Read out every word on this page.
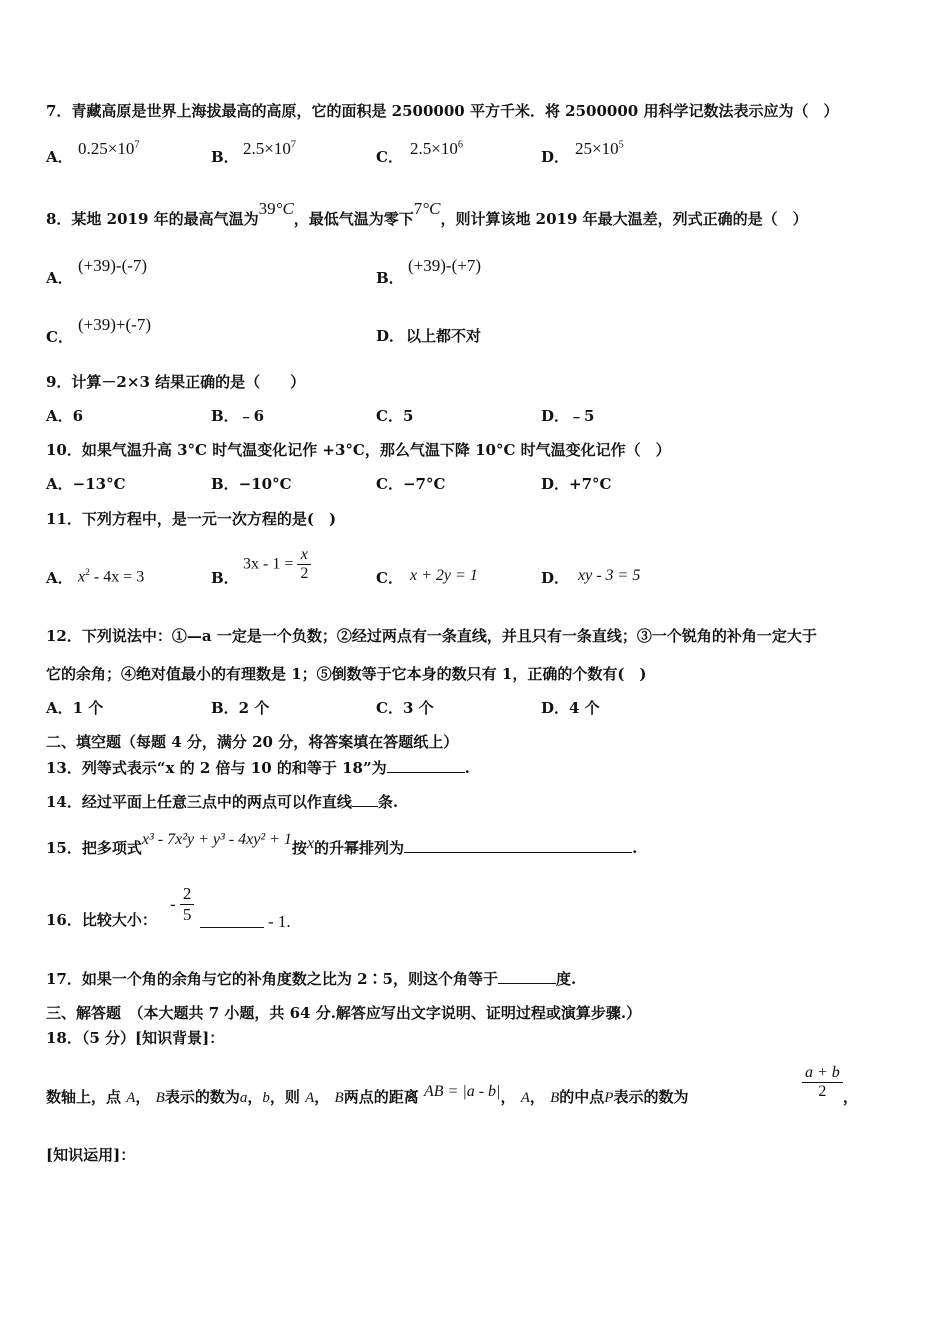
7．青藏高原是世界上海拔最高的高原，它的面积是 2500000 平方千米．将 2500000 用科学记数法表示应为（　）
A． $0.25\times 10^7$
B． $2.5\times 10^7$
C． $2.5\times 10^6$
D． $25\times 10^5$
8．某地 2019 年的最高气温为39°C，最低气温为零下7°C，则计算该地 2019 年最大温差，列式正确的是（　）
A．
(+39)-(-7)
B．
(+39)-(+7)
C．
(+39)+(-7)
D． 以上都不对
9．计算－2×3 结果正确的是（　　）
A．6	B．﹣6	C．5	D．﹣5
10．如果气温升高 3°C 时气温变化记作 +3°C，那么气温下降 10°C 时气温变化记作（　）
A．−13°C	B．−10°C	C．−7°C	D．+7°C
11．下列方程中，是一元一次方程的是(　)
A． $x^2 - 4x = 3$	B．
$3x - 1 = \frac{x}{2}$	C． x + 2y = 1	D． xy - 3 = 5
12．下列说法中：①—a 一定是一个负数；②经过两点有一条直线，并且只有一条直线；③一个锐角的补角一定大于
它的余角；④绝对值最小的有理数是 1；⑤倒数等于它本身的数只有 1，正确的个数有(　)
A．1 个	B．2 个	C．3 个	D．4 个
二、填空题（每题 4 分，满分 20 分，将答案填在答题纸上）
13．列等式表示“x 的 2 倍与 10 的和等于 18”为	.
14．经过平面上任意三点中的两点可以作直线 条.
15．把多项式x³ - 7x²y + y³ - 4xy² + 1按x的升幂排列为	.
16．比较大小：
- $\frac{2}{5}$	- 1.
17．如果一个角的余角与它的补角度数之比为 2∶5，则这个角等于	度.
三、解答题　（本大题共 7 小题，共 64 分.解答应写出文字说明、证明过程或演算步骤.）
18．（5 分）[知识背景]：
数轴上，点 A， B表示的数为a，b，则 A， B两点的距离 AB = |a - b|， A， B的中点P表示的数为	$\frac{a + b}{2}$ ，
[知识运用]：
